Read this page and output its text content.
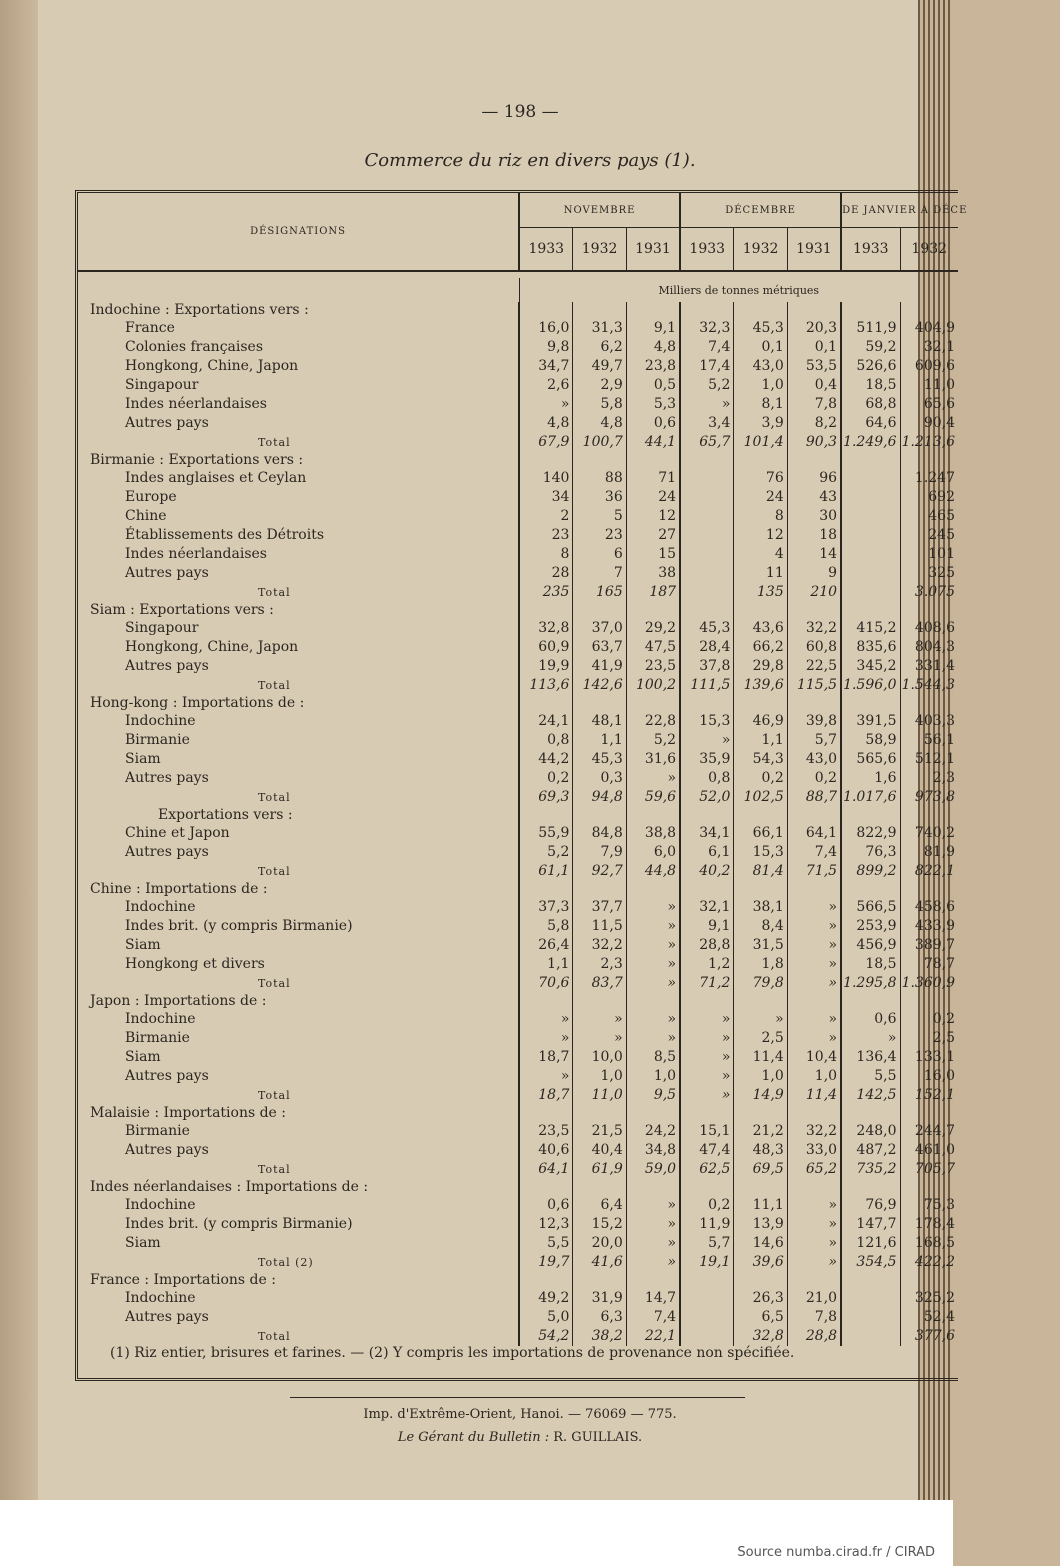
— 198 —
Commerce du riz en divers pays (1).
DÉSIGNATIONS	NOVEMBRE			DÉCEMBRE			DE JANVIER A DÉCE	
	1933	1932	1931	1933	1932	1931	1933	1932

	Milliers de tonnes métriques							
Indochine : Exportations vers :								
France	16,0	31,3	9,1	32,3	45,3	20,3	511,9	404,9
Colonies françaises	9,8	6,2	4,8	7,4	0,1	0,1	59,2	32,1
Hongkong, Chine, Japon	34,7	49,7	23,8	17,4	43,0	53,5	526,6	609,6
Singapour	2,6	2,9	0,5	5,2	1,0	0,4	18,5	11,0
Indes néerlandaises	»	5,8	5,3	»	8,1	7,8	68,8	65,6
Autres pays	4,8	4,8	0,6	3,4	3,9	8,2	64,6	90,4
Total	67,9	100,7	44,1	65,7	101,4	90,3	1.249,6	1.213,6
Birmanie : Exportations vers :								
Indes anglaises et Ceylan	140	88	71		76	96		1.247
Europe	34	36	24		24	43		692
Chine	2	5	12		8	30		465
Établissements des Détroits	23	23	27		12	18		245
Indes néerlandaises	8	6	15		4	14		101
Autres pays	28	7	38		11	9		325
Total	235	165	187		135	210		3.075
Siam : Exportations vers :								
Singapour	32,8	37,0	29,2	45,3	43,6	32,2	415,2	408,6
Hongkong, Chine, Japon	60,9	63,7	47,5	28,4	66,2	60,8	835,6	804,3
Autres pays	19,9	41,9	23,5	37,8	29,8	22,5	345,2	331,4
Total	113,6	142,6	100,2	111,5	139,6	115,5	1.596,0	1.544,3
Hong-kong : Importations de :								
Indochine	24,1	48,1	22,8	15,3	46,9	39,8	391,5	403,3
Birmanie	0,8	1,1	5,2	»	1,1	5,7	58,9	56,1
Siam	44,2	45,3	31,6	35,9	54,3	43,0	565,6	512,1
Autres pays	0,2	0,3	»	0,8	0,2	0,2	1,6	2,3
Total	69,3	94,8	59,6	52,0	102,5	88,7	1.017,6	973,8
Exportations vers :								
Chine et Japon	55,9	84,8	38,8	34,1	66,1	64,1	822,9	740,2
Autres pays	5,2	7,9	6,0	6,1	15,3	7,4	76,3	81,9
Total	61,1	92,7	44,8	40,2	81,4	71,5	899,2	822,1
Chine : Importations de :								
Indochine	37,3	37,7	»	32,1	38,1	»	566,5	458,6
Indes brit. (y compris Birmanie)	5,8	11,5	»	9,1	8,4	»	253,9	433,9
Siam	26,4	32,2	»	28,8	31,5	»	456,9	389,7
Hongkong et divers	1,1	2,3	»	1,2	1,8	»	18,5	78,7
Total	70,6	83,7	»	71,2	79,8	»	1.295,8	1.360,9
Japon : Importations de :								
Indochine	»	»	»	»	»	»	0,6	0,2
Birmanie	»	»	»	»	2,5	»	»	2,5
Siam	18,7	10,0	8,5	»	11,4	10,4	136,4	133,1
Autres pays	»	1,0	1,0	»	1,0	1,0	5,5	16,0
Total	18,7	11,0	9,5	»	14,9	11,4	142,5	152,1
Malaisie : Importations de :								
Birmanie	23,5	21,5	24,2	15,1	21,2	32,2	248,0	244,7
Autres pays	40,6	40,4	34,8	47,4	48,3	33,0	487,2	461,0
Total	64,1	61,9	59,0	62,5	69,5	65,2	735,2	705,7
Indes néerlandaises : Importations de :								
Indochine	0,6	6,4	»	0,2	11,1	»	76,9	75,3
Indes brit. (y compris Birmanie)	12,3	15,2	»	11,9	13,9	»	147,7	178,4
Siam	5,5	20,0	»	5,7	14,6	»	121,6	168,5
Total (2)	19,7	41,6	»	19,1	39,6	»	354,5	422,2
France : Importations de :								
Indochine	49,2	31,9	14,7		26,3	21,0		325,2
Autres pays	5,0	6,3	7,4		6,5	7,8		52,4
Total	54,2	38,2	22,1		32,8	28,8		377,6
(1) Riz entier, brisures et farines. — (2) Y compris les importations de provenance non spécifiée.
Imp. d'Extrême-Orient, Hanoi. — 76069 — 775.
Le Gérant du Bulletin : R. GUILLAIS.
Source numba.cirad.fr / CIRAD
